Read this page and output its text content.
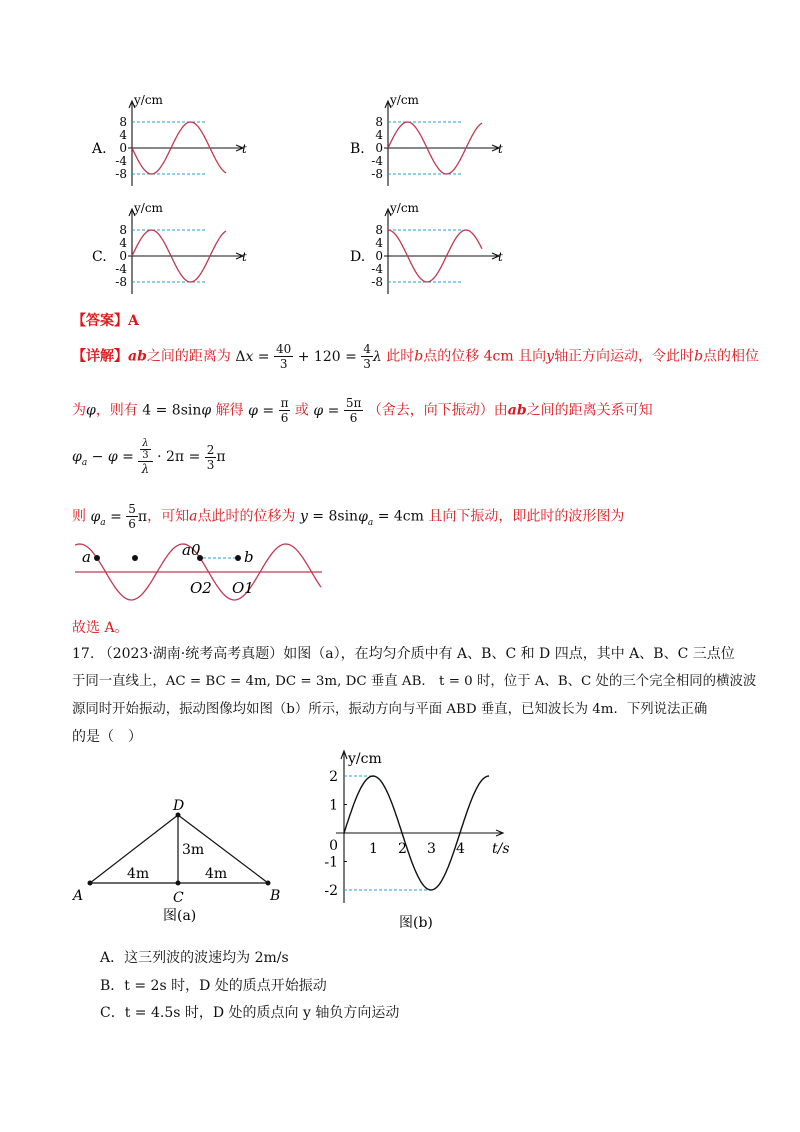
y/cm
t
8
4
0
-4
-8
A.
y/cm
t
8
4
0
-4
-8
B.
y/cm
t
8
4
0
-4
-8
C.
y/cm
t
8
4
0
-4
-8
D.
【答案】A
【详解】ab之间的距离为 $\Delta x = \frac{40}{3} + 120 = \frac{4}{3}$ λ 此时b点的位移 4cm 且向y轴正方向运动，令此时b点的相位
为φ，则有 4 = 8sinφ 解得 $\varphi = \frac{\pi}{6}$ 或 $\varphi = \frac{5\pi}{6}$ （舍去，向下振动）由ab之间的距离关系可知
$\varphi_a - \varphi = \frac{\frac{\lambda}{3}}{\lambda} \cdot 2\pi = \frac{2}{3}$ π
则 $\varphi_a = \frac{5}{6}$ π，可知a点此时的位移为 y = 8sinφ$_a$ = 4cm 且向下振动，即此时的波形图为
a	a0	b
O2 O1
故选 A。
17. （2023·湖南·统考高考真题）如图（a），在均匀介质中有 A、B、C 和 D 四点，其中 A、B、C 三点位
于同一直线上，AC = BC = 4m, DC = 3m, DC 垂直 AB． t = 0 时，位于 A、B、C 处的三个完全相同的横波波
源同时开始振动，振动图像均如图（b）所示，振动方向与平面 ABD 垂直，已知波长为 4m．下列说法正确
的是（　）
A	B
C
D
4m	4m
3m
图(a)
y/cm
t/s
2
1
0
-1
-2
1 2 3 4
图(b)
A．这三列波的波速均为 2m/s
B．t = 2s 时，D 处的质点开始振动
C．t = 4.5s 时，D 处的质点向 y 轴负方向运动
